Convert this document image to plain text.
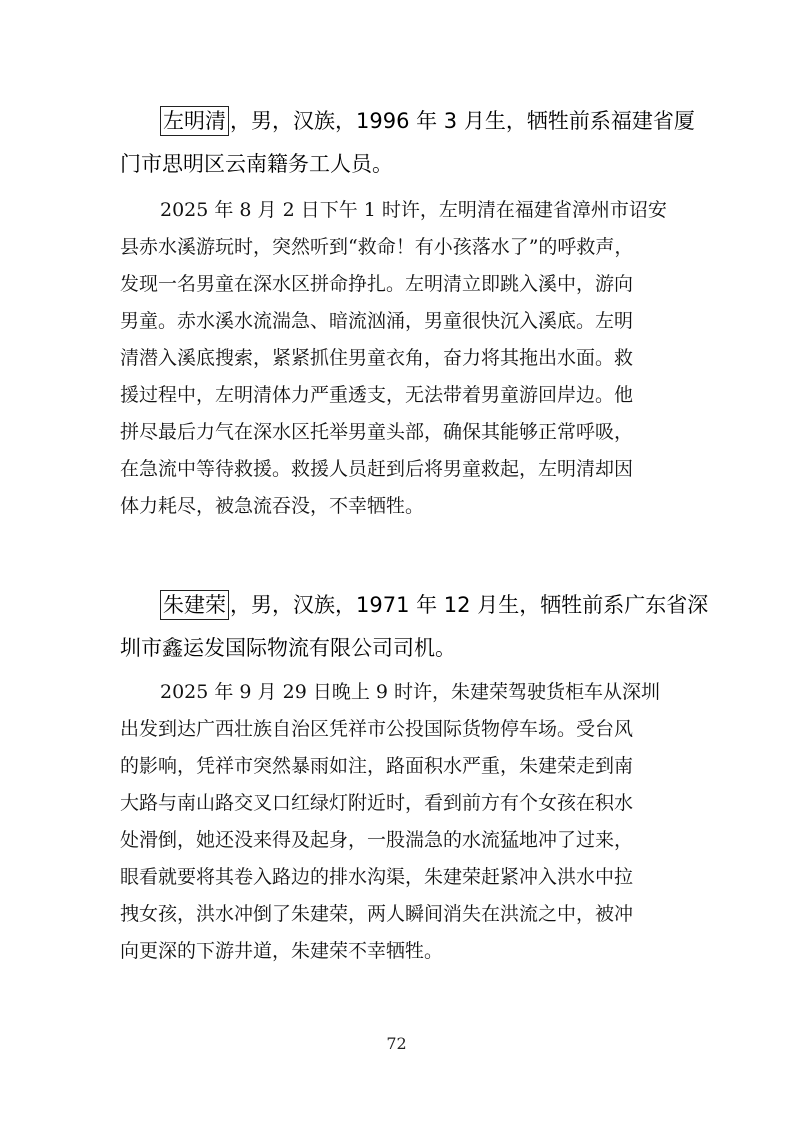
左明清 ，男，汉族，1996 年 3 月生，牺牲前系福建省厦
门市思明区云南籍务工人员。

2025 年 8 月 2 日下午 1 时许，左明清在福建省漳州市诏安
县赤水溪游玩时，突然听到“救命！有小孩落水了”的呼救声，
发现一名男童在深水区拼命挣扎。左明清立即跳入溪中，游向
男童。赤水溪水流湍急、暗流汹涌，男童很快沉入溪底。左明
清潜入溪底搜索，紧紧抓住男童衣角，奋力将其拖出水面。救
援过程中，左明清体力严重透支，无法带着男童游回岸边。他
拼尽最后力气在深水区托举男童头部，确保其能够正常呼吸，
在急流中等待救援。救援人员赶到后将男童救起，左明清却因
体力耗尽，被急流吞没，不幸牺牲。

朱建荣 ，男，汉族，1971 年 12 月生，牺牲前系广东省深
圳市鑫运发国际物流有限公司司机。

2025 年 9 月 29 日晚上 9 时许，朱建荣驾驶货柜车从深圳
出发到达广西壮族自治区凭祥市公投国际货物停车场。受台风
的影响，凭祥市突然暴雨如注，路面积水严重，朱建荣走到南
大路与南山路交叉口红绿灯附近时，看到前方有个女孩在积水
处滑倒，她还没来得及起身，一股湍急的水流猛地冲了过来，
眼看就要将其卷入路边的排水沟渠，朱建荣赶紧冲入洪水中拉
拽女孩，洪水冲倒了朱建荣，两人瞬间消失在洪流之中，被冲
向更深的下游井道，朱建荣不幸牺牲。

72
